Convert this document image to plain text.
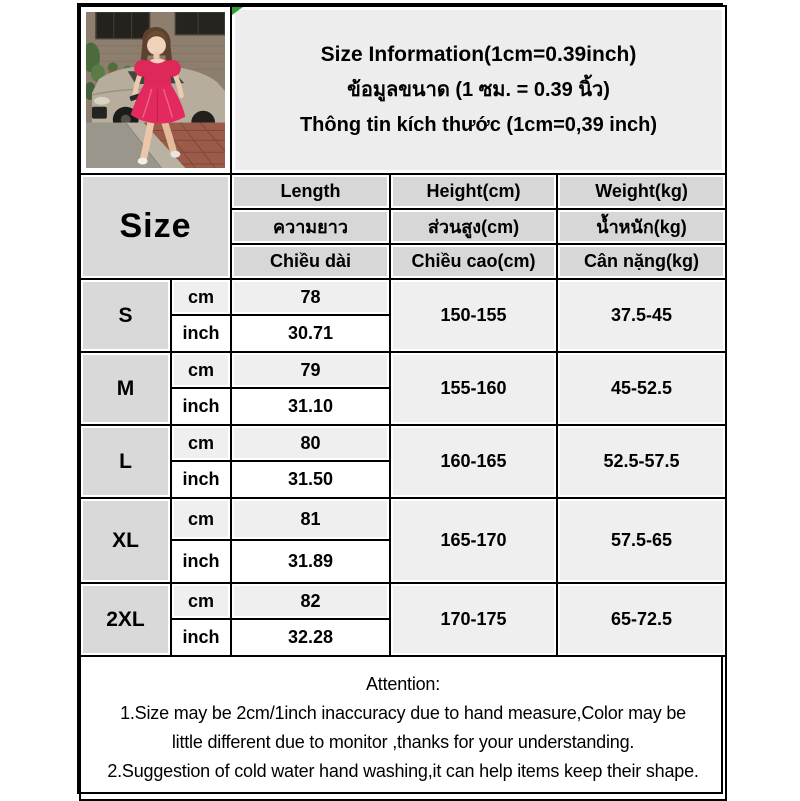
Size Information(1cm=0.39inch)
ข้อมูลขนาด (1 ซม. = 0.39 นิ้ว)
Thông tin kích thước (1cm=0,39 inch)		

Size		Length	Height(cm)	Weight(kg)
		ความยาว	ส่วนสูง(cm)	น้ำหนัก(kg)
		Chiều dài	Chiều cao(cm)	Cân nặng(kg)
S	cm	78	150-155	37.5-45
	inch	30.71		
M	cm	79	155-160	45-52.5
	inch	31.10		
L	cm	80	160-165	52.5-57.5
	inch	31.50		
XL	cm	81	165-170	57.5-65
	inch	31.89		
2XL	cm	82	170-175	65-72.5
	inch	32.28		

Attention:
1.Size may be 2cm/1inch inaccuracy due to hand measure,Color may be
little different due to monitor ,thanks for your understanding.
2.Suggestion of cold water hand washing,it can help items keep their shape.				
